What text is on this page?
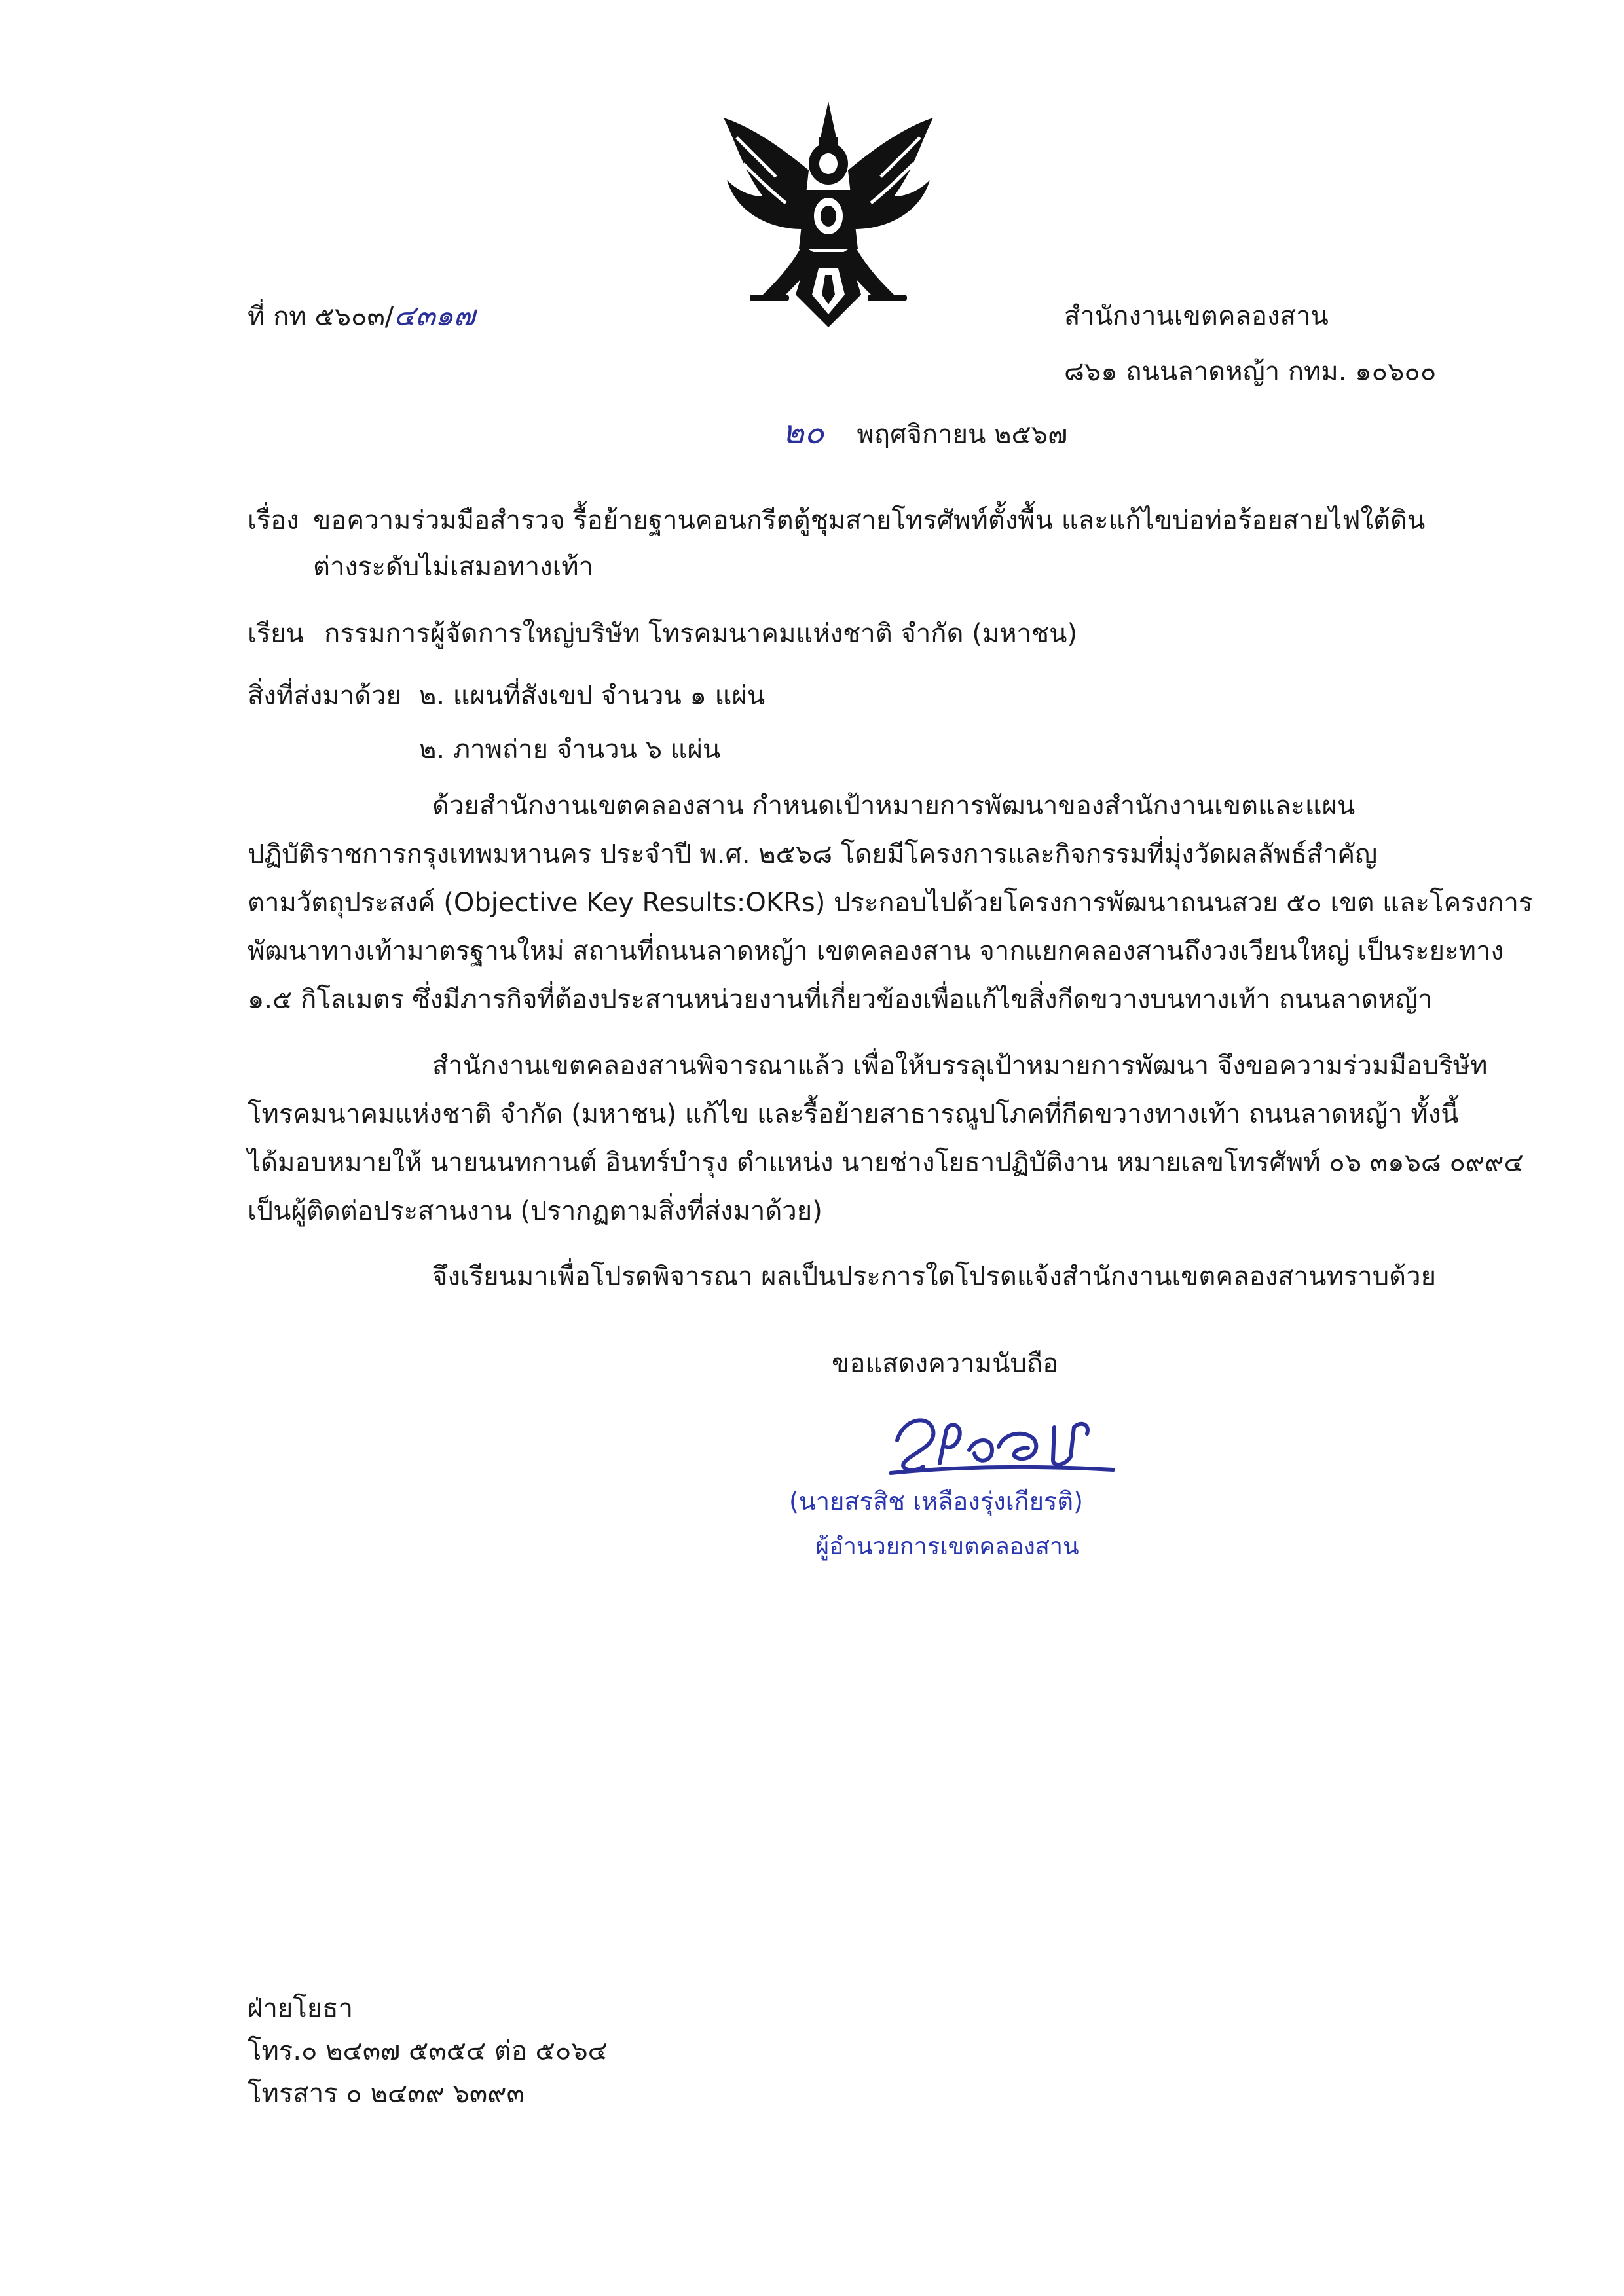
ที่ กท ๕๖๐๓/๔๓๑๗	สำนักงานเขตคลองสาน
๘๖๑ ถนนลาดหญ้า กทม. ๑๐๖๐๐
๒๐ พฤศจิกายน ๒๕๖๗
เรื่อง ขอความร่วมมือสำรวจ รื้อย้ายฐานคอนกรีตตู้ชุมสายโทรศัพท์ตั้งพื้น และแก้ไขบ่อท่อร้อยสายไฟใต้ดิน
ต่างระดับไม่เสมอทางเท้า
เรียน กรรมการผู้จัดการใหญ่บริษัท โทรคมนาคมแห่งชาติ จำกัด (มหาชน)
สิ่งที่ส่งมาด้วย ๒. แผนที่สังเขป จำนวน ๑ แผ่น
๒. ภาพถ่าย จำนวน ๖ แผ่น
ด้วยสำนักงานเขตคลองสาน กำหนดเป้าหมายการพัฒนาของสำนักงานเขตและแผน
ปฏิบัติราชการกรุงเทพมหานคร ประจำปี พ.ศ. ๒๕๖๘ โดยมีโครงการและกิจกรรมที่มุ่งวัดผลลัพธ์สำคัญ
ตามวัตถุประสงค์ (Objective Key Results:OKRs) ประกอบไปด้วยโครงการพัฒนาถนนสวย ๕๐ เขต และโครงการ
พัฒนาทางเท้ามาตรฐานใหม่ สถานที่ถนนลาดหญ้า เขตคลองสาน จากแยกคลองสานถึงวงเวียนใหญ่ เป็นระยะทาง
๑.๕ กิโลเมตร ซึ่งมีภารกิจที่ต้องประสานหน่วยงานที่เกี่ยวข้องเพื่อแก้ไขสิ่งกีดขวางบนทางเท้า ถนนลาดหญ้า
สำนักงานเขตคลองสานพิจารณาแล้ว เพื่อให้บรรลุเป้าหมายการพัฒนา จึงขอความร่วมมือบริษัท
โทรคมนาคมแห่งชาติ จำกัด (มหาชน) แก้ไข และรื้อย้ายสาธารณูปโภคที่กีดขวางทางเท้า ถนนลาดหญ้า ทั้งนี้
ได้มอบหมายให้ นายนนทกานต์ อินทร์บำรุง ตำแหน่ง นายช่างโยธาปฏิบัติงาน หมายเลขโทรศัพท์ ๐๖ ๓๑๖๘ ๐๙๙๔
เป็นผู้ติดต่อประสานงาน (ปรากฏตามสิ่งที่ส่งมาด้วย)
จึงเรียนมาเพื่อโปรดพิจารณา ผลเป็นประการใดโปรดแจ้งสำนักงานเขตคลองสานทราบด้วย
ขอแสดงความนับถือ
(นายสรสิช เหลืองรุ่งเกียรติ)
ผู้อำนวยการเขตคลองสาน
ฝ่ายโยธา
โทร.๐ ๒๔๓๗ ๕๓๕๔ ต่อ ๕๐๖๔
โทรสาร ๐ ๒๔๓๙ ๖๓๙๓
